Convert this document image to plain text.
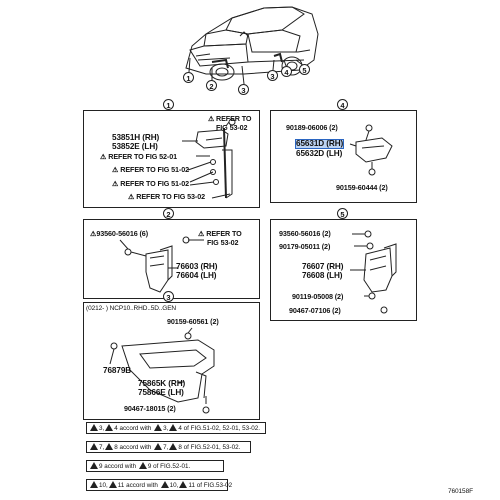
1
2	3
3	4	5
1
⚠ REFER TO
FIG 53-02
53851H (RH)
53852E (LH)
⚠ REFER TO FIG 52-01
⚠ REFER TO FIG 51-02
⚠ REFER TO FIG 51-02
⚠ REFER TO FIG 53-02
2
⚠93560-56016 (6)	⚠ REFER TO
FIG 53-02
76603 (RH)
76604 (LH)
3
(0212- ) NCP10..RHD..5D..GEN
90159-60561 (2)
76879B
75865K (RH)
75866E (LH)
90467-18015 (2)
4
90189-06006 (2)
65631D (RH)
65632D (LH)
90159-60444 (2)
5
93560-56016 (2)
90179-05011 (2)
76607 (RH)
76608 (LH)
90119-05008 (2)
90467-07106 (2)
3, 4 accord with 3, 4 of FIG.51-02, 52-01, 53-02.
7, 8 accord with 7, 8 of FIG.52-01, 53-02.
9 accord with 9 of FIG.52-01.
10, 11 accord with 10, 11 of FIG.53-02
760158F
